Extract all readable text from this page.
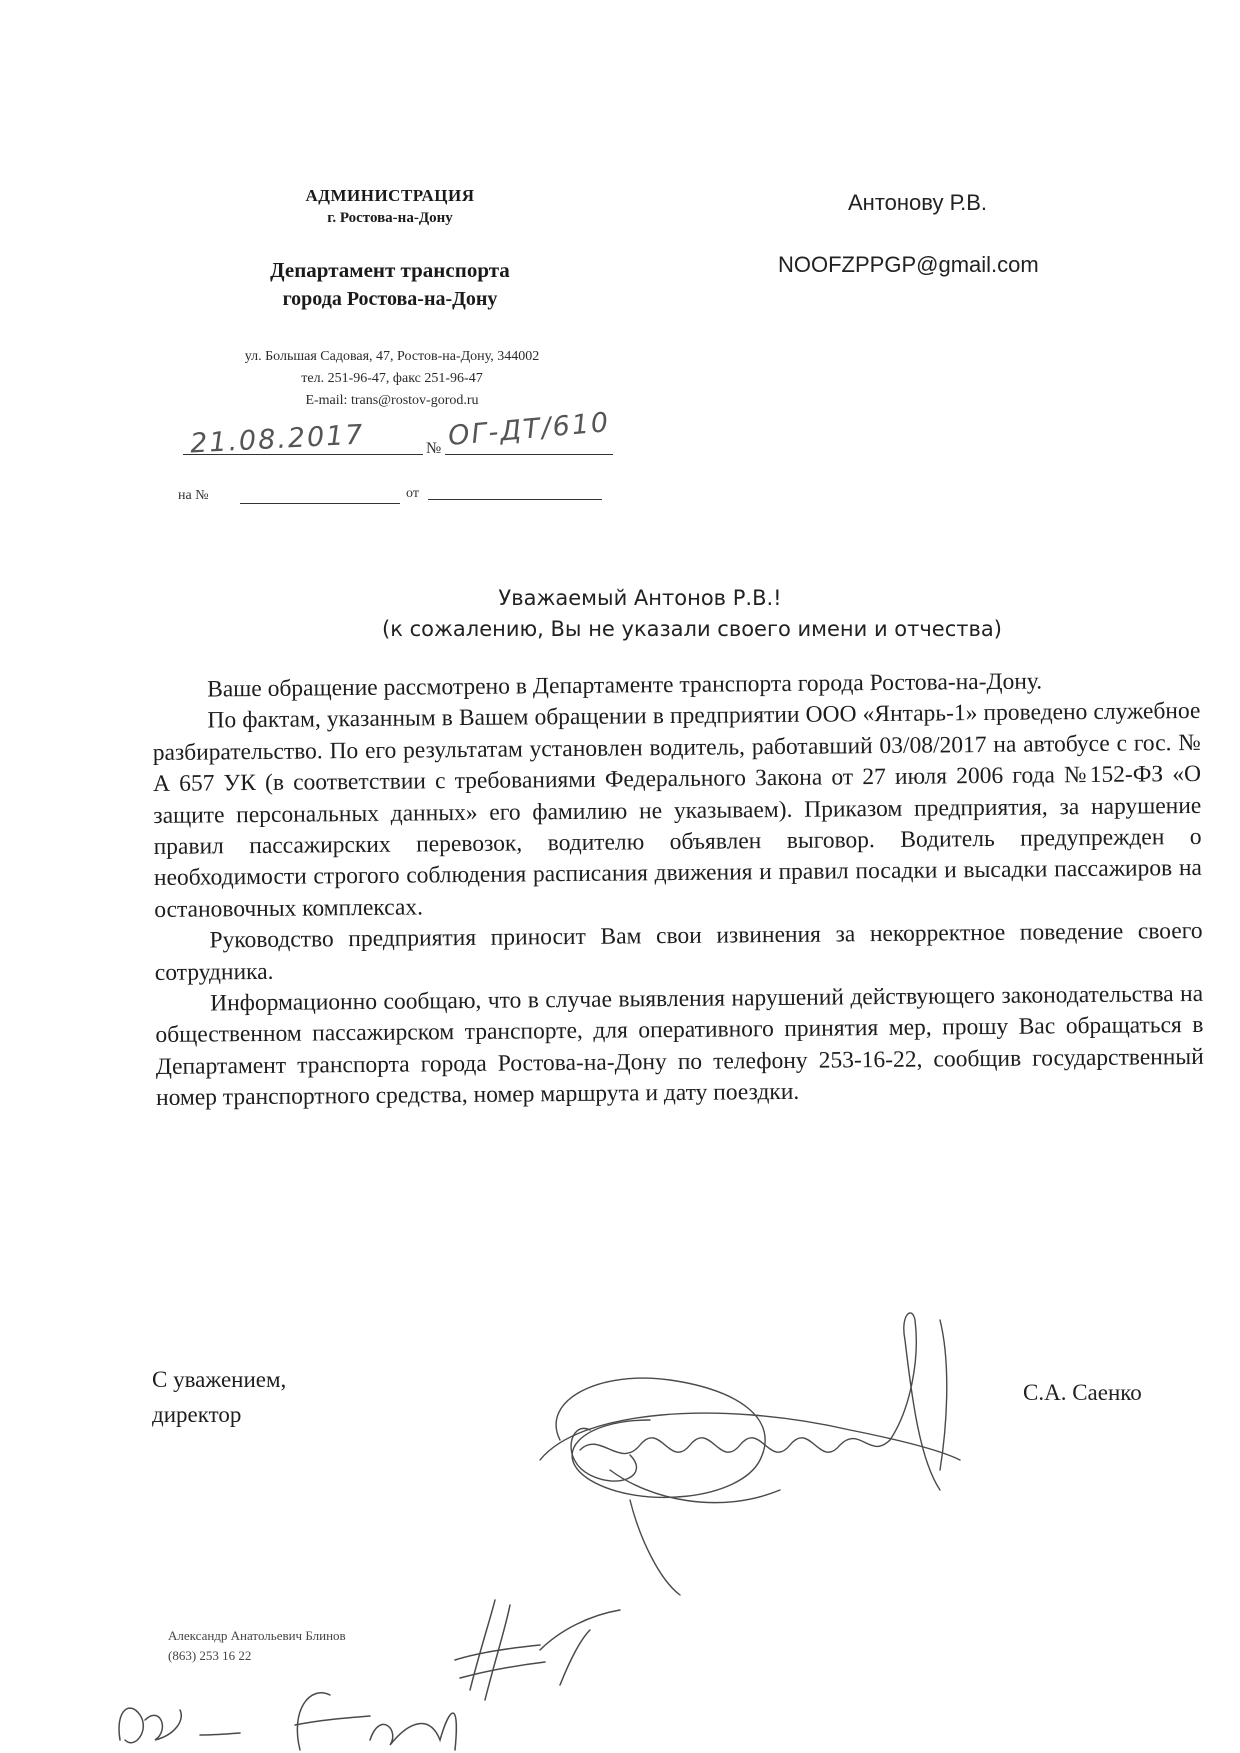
АДМИНИСТРАЦИЯ
г. Ростова-на-Дону
Департамент транспорта
города Ростова-на-Дону
ул. Большая Садовая, 47, Ростов-на-Дону, 344002
тел. 251-96-47, факс 251-96-47
E-mail: trans@rostov-gorod.ru
Антонову Р.В.
NOOFZPPGP@gmail.com
21.08.2017	№ ОГ-ДТ/610
на №	от
Уважаемый Антонов Р.В.!
(к сожалению, Вы не указали своего имени и отчества)

Ваше обращение рассмотрено в Департаменте транспорта города Ростова-на-Дону.

По фактам, указанным в Вашем обращении в предприятии ООО «Янтарь-1» проведено служебное разбирательство. По его результатам установлен водитель, работавший 03/08/2017 на автобусе с гос. № А 657 УК (в соответствии с требованиями Федерального Закона от 27 июля 2006 года №152-ФЗ «О защите персональных данных» его фамилию не указываем). Приказом предприятия, за нарушение правил пассажирских перевозок, водителю объявлен выговор. Водитель предупрежден о необходимости строгого соблюдения расписания движения и правил посадки и высадки пассажиров на остановочных комплексах.

Руководство предприятия приносит Вам свои извинения за некорректное поведение своего сотрудника.

Информационно сообщаю, что в случае выявления нарушений действующего законодательства на общественном пассажирском транспорте, для оперативного принятия мер, прошу Вас обращаться в Департамент транспорта города Ростова-на-Дону по телефону 253-16-22, сообщив государственный номер транспортного средства, номер маршрута и дату поездки.

С уважением,
директор
С.А. Саенко
Александр Анатольевич Блинов
(863) 253 16 22
